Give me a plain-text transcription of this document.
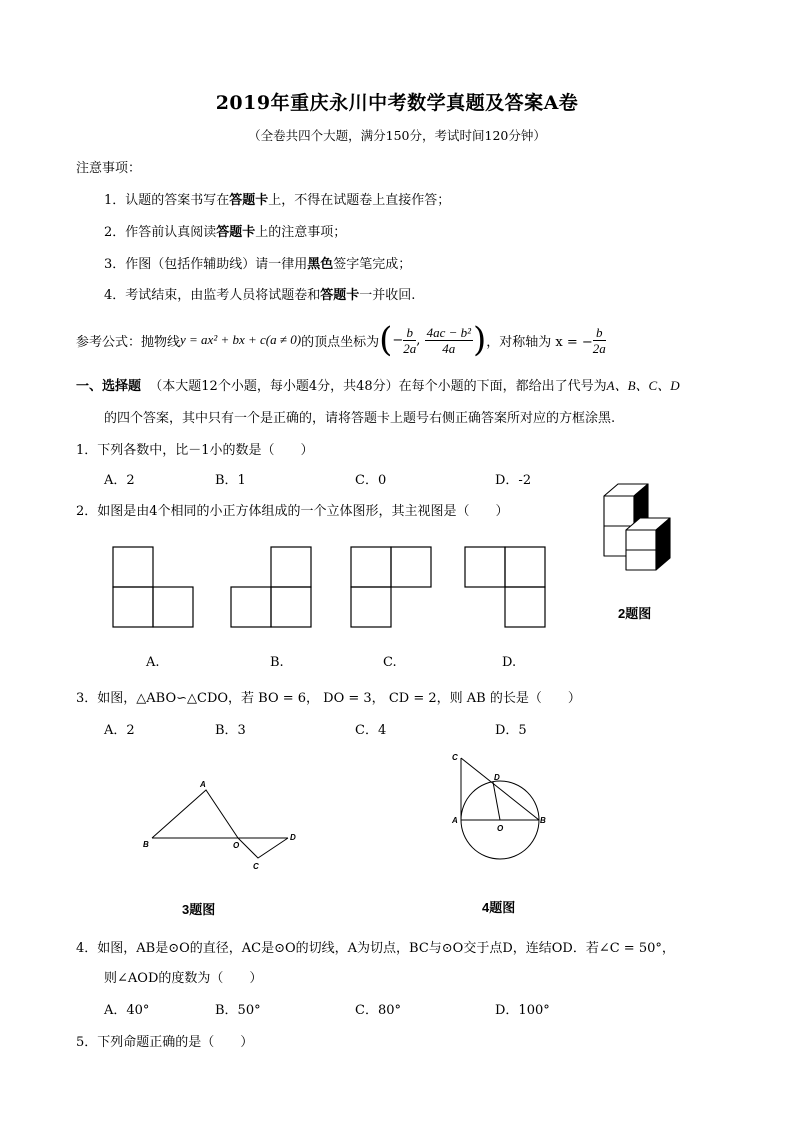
2019年重庆永川中考数学真题及答案A卷
（全卷共四个大题，满分150分，考试时间120分钟）
注意事项：
1．认题的答案书写在答题卡上，不得在试题卷上直接作答；
2．作答前认真阅读答题卡上的注意事项；
3．作图（包括作辅助线）请一律用黑色签字笔完成；
4．考试结束，由监考人员将试题卷和答题卡一并收回.
参考公式：抛物线 y = ax² + bx + c(a ≠ 0) 的顶点坐标为 ( − $\frac{b}{2a}$ , $\frac{\text{4ac − b²}}{4a}$ ) ，对称轴为 x = − $\frac{b}{2a}$
一、选择题 （本大题12个小题，每小题4分，共48分）在每个小题的下面，都给出了代号为A、B、C、D
的四个答案，其中只有一个是正确的，请将答题卡上题号右侧正确答案所对应的方框涂黑.
1．下列各数中，比－1小的数是（　　）
A．2	B．1	C．0	D．-2
2．如图是由4个相同的小正方体组成的一个立体图形，其主视图是（　　）
A.	B.	C.	D.
2题图
3．如图，△ABO∽△CDO，若 BO = 6， DO = 3， CD = 2，则 AB 的长是（　　）
A．2	B．3	C．4	D．5
A
B	O
D
C
3题图
C
D
A
O
B
4题图
4．如图，AB是⊙O的直径，AC是⊙O的切线，A为切点，BC与⊙O交于点D，连结OD．若∠C = 50°，
则∠AOD的度数为（　　）
A．40°	B．50°	C．80°	D．100°
5．下列命题正确的是（　　）
